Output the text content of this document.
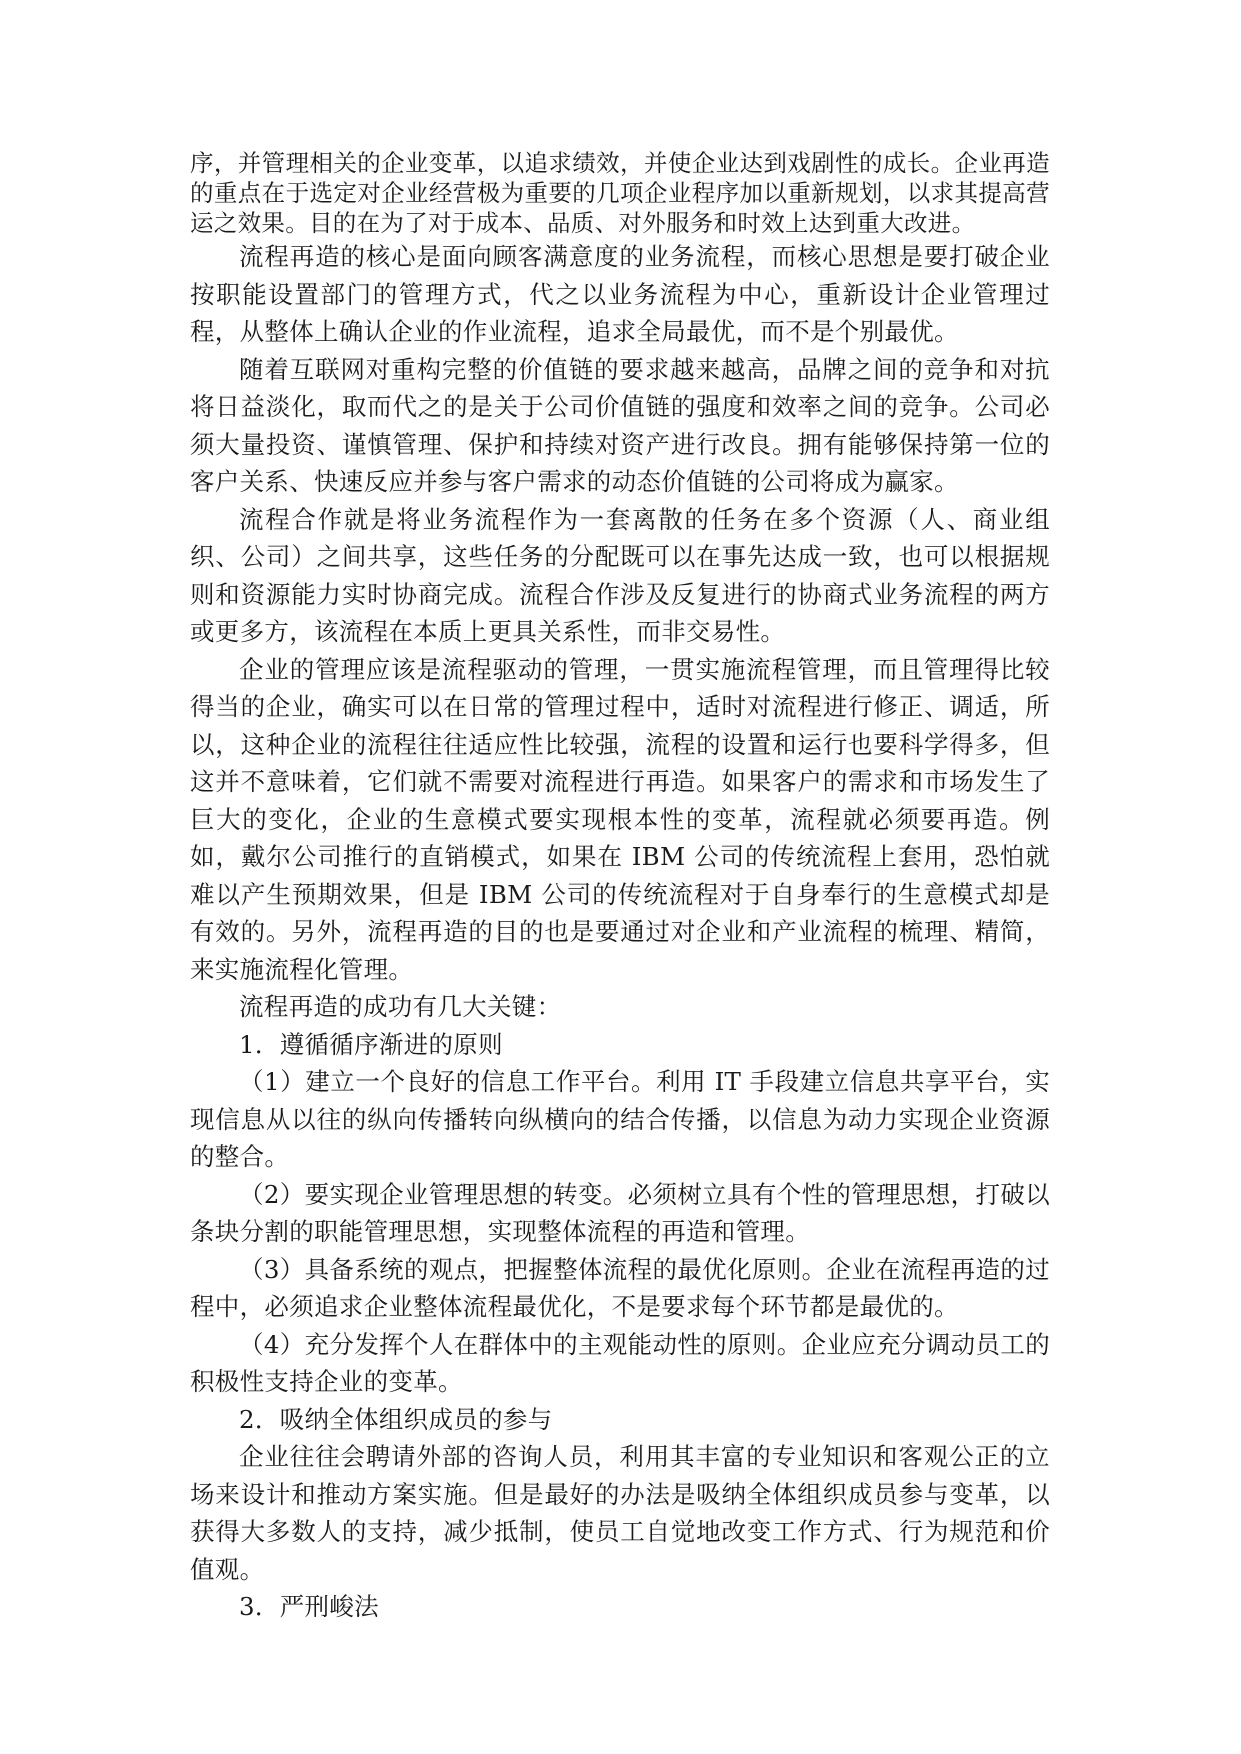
序，并管理相关的企业变革，以追求绩效，并使企业达到戏剧性的成长。企业再造的重点在于选定对企业经营极为重要的几项企业程序加以重新规划，以求其提高营运之效果。目的在为了对于成本、品质、对外服务和时效上达到重大改进。

流程再造的核心是面向顾客满意度的业务流程，而核心思想是要打破企业按职能设置部门的管理方式，代之以业务流程为中心，重新设计企业管理过程，从整体上确认企业的作业流程，追求全局最优，而不是个别最优。

随着互联网对重构完整的价值链的要求越来越高，品牌之间的竞争和对抗将日益淡化，取而代之的是关于公司价值链的强度和效率之间的竞争。公司必须大量投资、谨慎管理、保护和持续对资产进行改良。拥有能够保持第一位的客户关系、快速反应并参与客户需求的动态价值链的公司将成为赢家。

流程合作就是将业务流程作为一套离散的任务在多个资源（人、商业组织、公司）之间共享，这些任务的分配既可以在事先达成一致，也可以根据规则和资源能力实时协商完成。流程合作涉及反复进行的协商式业务流程的两方或更多方，该流程在本质上更具关系性，而非交易性。

企业的管理应该是流程驱动的管理，一贯实施流程管理，而且管理得比较得当的企业，确实可以在日常的管理过程中，适时对流程进行修正、调适，所以，这种企业的流程往往适应性比较强，流程的设置和运行也要科学得多，但这并不意味着，它们就不需要对流程进行再造。如果客户的需求和市场发生了巨大的变化，企业的生意模式要实现根本性的变革，流程就必须要再造。例如，戴尔公司推行的直销模式，如果在 IBM 公司的传统流程上套用，恐怕就难以产生预期效果，但是 IBM 公司的传统流程对于自身奉行的生意模式却是有效的。另外，流程再造的目的也是要通过对企业和产业流程的梳理、精简，来实施流程化管理。

流程再造的成功有几大关键：

1．遵循循序渐进的原则

（1）建立一个良好的信息工作平台。利用 IT 手段建立信息共享平台，实现信息从以往的纵向传播转向纵横向的结合传播，以信息为动力实现企业资源的整合。

（2）要实现企业管理思想的转变。必须树立具有个性的管理思想，打破以条块分割的职能管理思想，实现整体流程的再造和管理。

（3）具备系统的观点，把握整体流程的最优化原则。企业在流程再造的过程中，必须追求企业整体流程最优化，不是要求每个环节都是最优的。

（4）充分发挥个人在群体中的主观能动性的原则。企业应充分调动员工的积极性支持企业的变革。

2．吸纳全体组织成员的参与

企业往往会聘请外部的咨询人员，利用其丰富的专业知识和客观公正的立场来设计和推动方案实施。但是最好的办法是吸纳全体组织成员参与变革，以获得大多数人的支持，减少抵制，使员工自觉地改变工作方式、行为规范和价值观。

3．严刑峻法
